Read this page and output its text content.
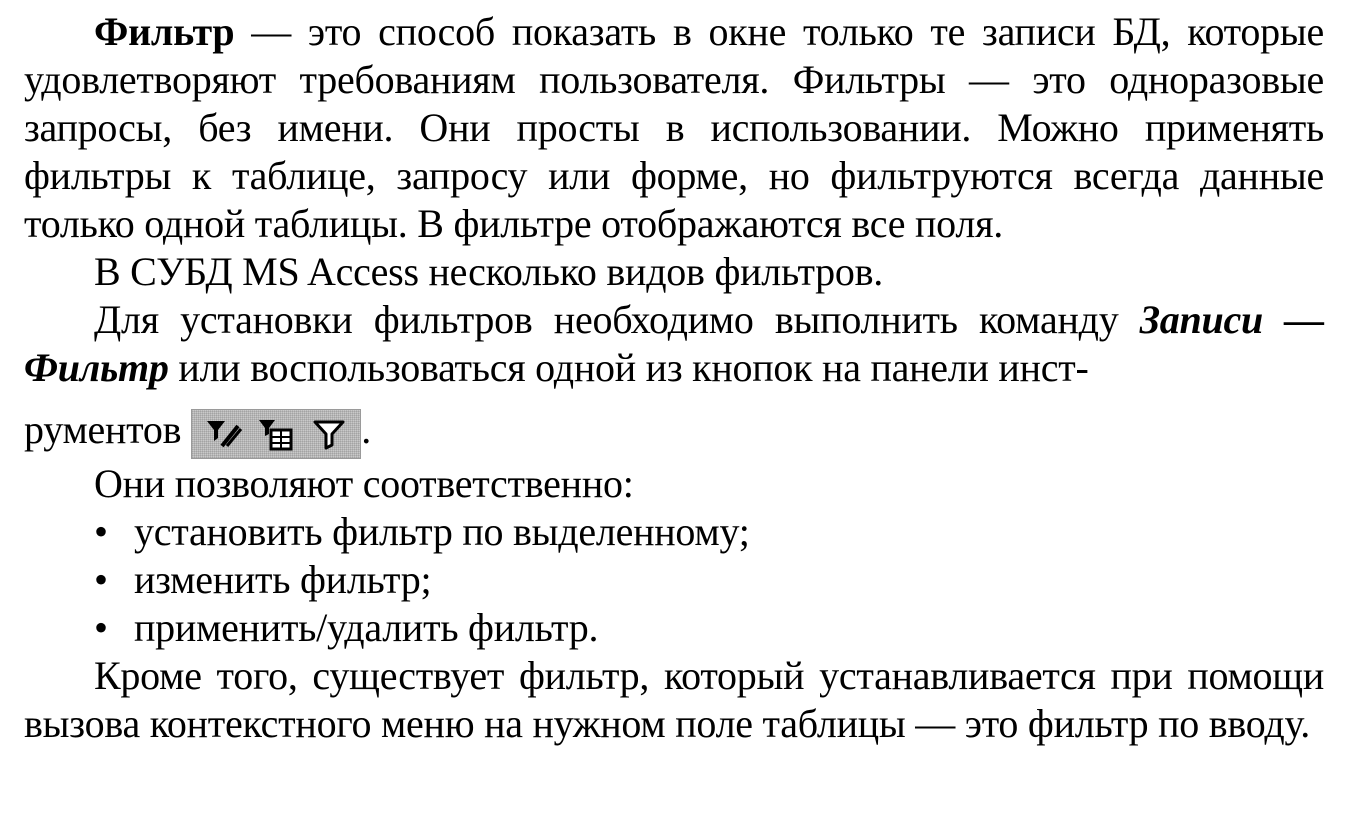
Фильтр — это способ показать в окне только те записи БД, которые удовлетворяют требованиям пользователя. Фильтры — это одноразовые запросы, без имени. Они просты в использовании. Можно применять фильтры к таблице, запросу или форме, но фильтруются всегда данные только одной таблицы. В фильтре отображаются все поля.

В СУБД MS Access несколько видов фильтров.

Для установки фильтров необходимо выполнить команду Записи — Фильтр или воспользоваться одной из кнопок на панели инст-

рументов	.

Они позволяют соответственно:

• установить фильтр по выделенному;
• изменить фильтр;
• применить/удалить фильтр.

Кроме того, существует фильтр, который устанавливается при помощи вызова контекстного меню на нужном поле таблицы — это фильтр по вводу.
